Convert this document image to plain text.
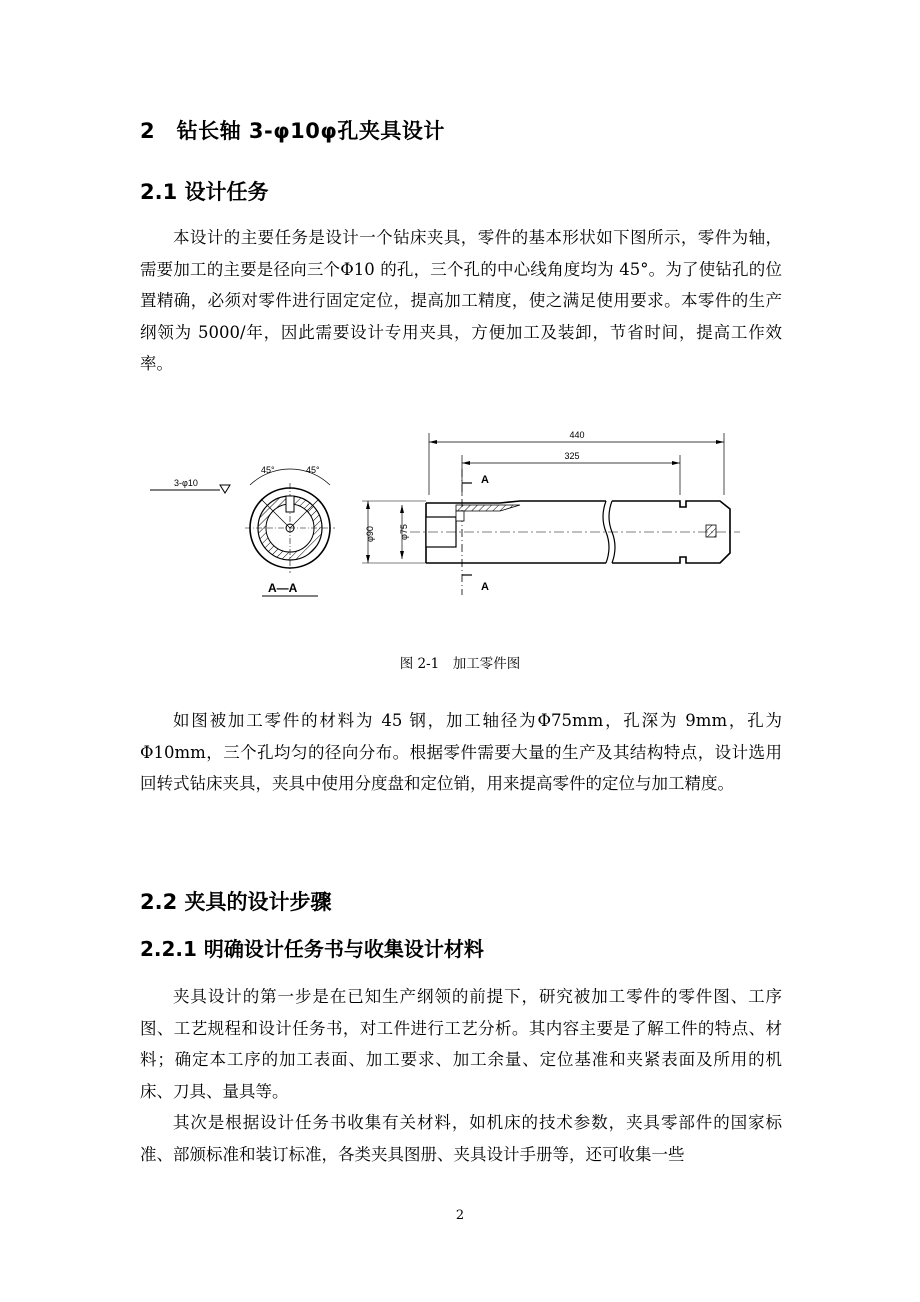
2　钻长轴 3-φ10φ孔夹具设计
2.1 设计任务

本设计的主要任务是设计一个钻床夹具，零件的基本形状如下图所示，零件为轴，需要加工的主要是径向三个Φ10 的孔，三个孔的中心线角度均为 45°。为了使钻孔的位置精确，必须对零件进行固定定位，提高加工精度，使之满足使用要求。本零件的生产纲领为 5000/年，因此需要设计专用夹具，方便加工及装卸，节省时间，提高工作效率。

3-φ10
45°	45°
A—A
440
325
A
A
φ90	φ75
图 2-1　加工零件图

如图被加工零件的材料为 45 钢，加工轴径为Φ75mm，孔深为 9mm，孔为Φ10mm，三个孔均匀的径向分布。根据零件需要大量的生产及其结构特点，设计选用回转式钻床夹具，夹具中使用分度盘和定位销，用来提高零件的定位与加工精度。

2.2 夹具的设计步骤
2.2.1 明确设计任务书与收集设计材料

夹具设计的第一步是在已知生产纲领的前提下，研究被加工零件的零件图、工序图、工艺规程和设计任务书，对工件进行工艺分析。其内容主要是了解工件的特点、材料；确定本工序的加工表面、加工要求、加工余量、定位基准和夹紧表面及所用的机床、刀具、量具等。

其次是根据设计任务书收集有关材料，如机床的技术参数，夹具零部件的国家标准、部颁标准和装订标准，各类夹具图册、夹具设计手册等，还可收集一些

2
